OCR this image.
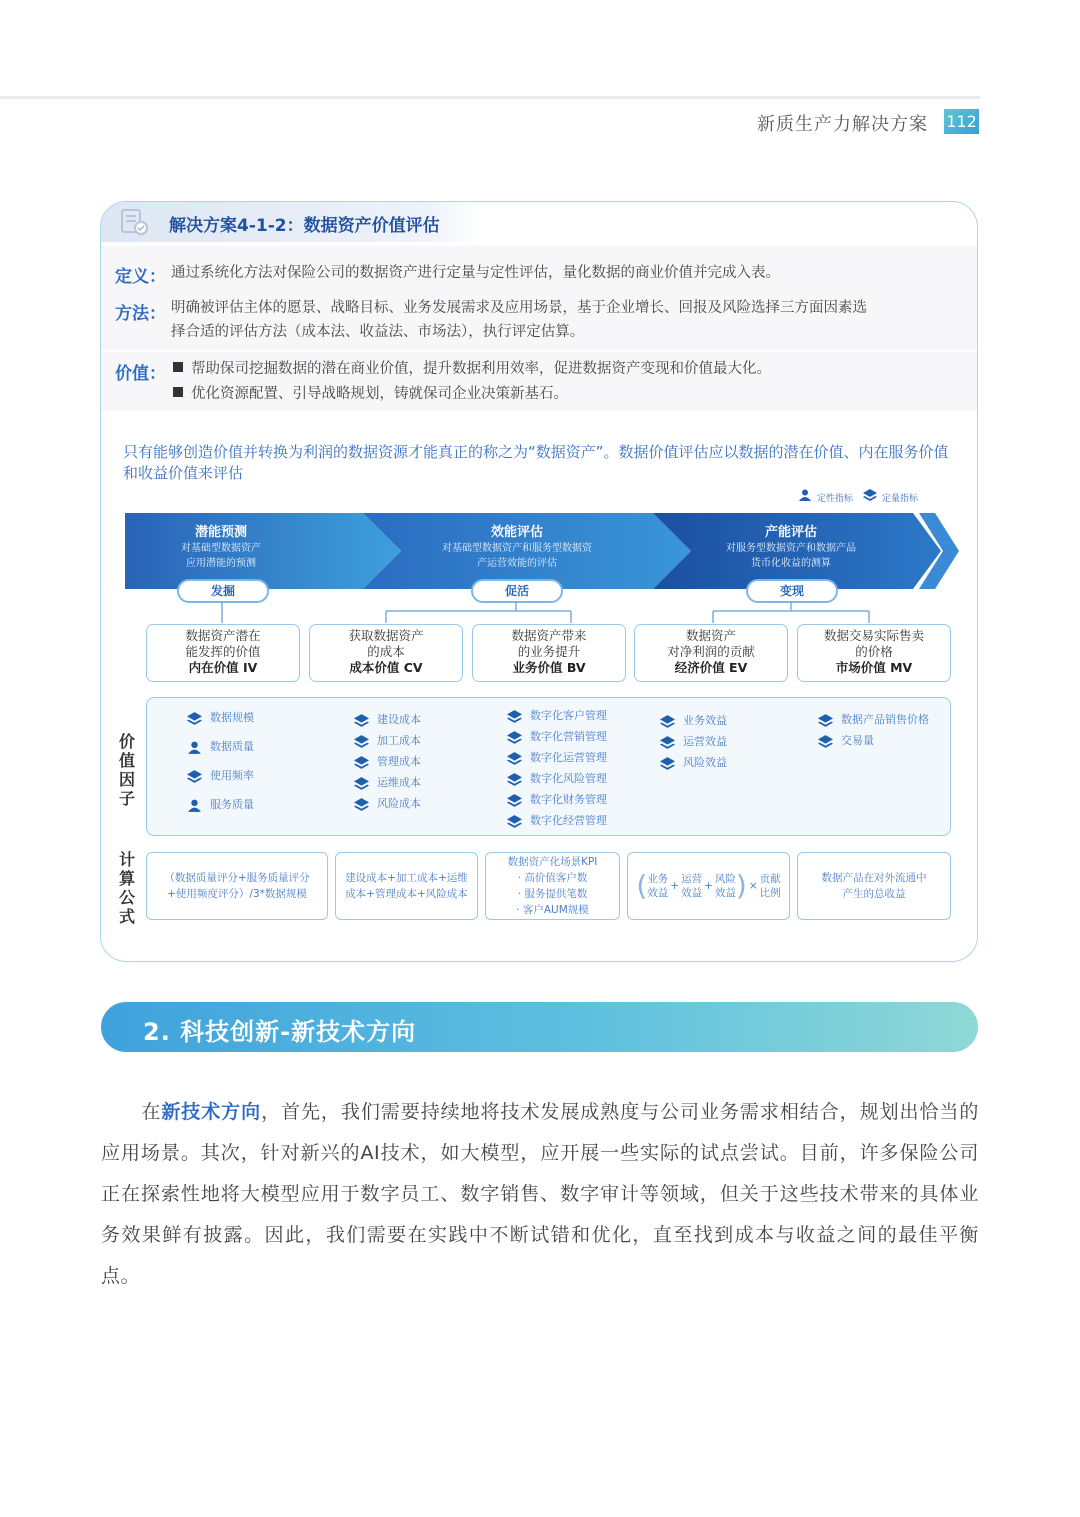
新质生产力解决方案 112
解决方案4-1-2：数据资产价值评估
定义： 通过系统化方法对保险公司的数据资产进行定量与定性评估，量化数据的商业价值并完成入表。
方法： 明确被评估主体的愿景、战略目标、业务发展需求及应用场景，基于企业增长、回报及风险选择三方面因素选
择合适的评估方法（成本法、收益法、市场法），执行评定估算。
价值：	帮助保司挖掘数据的潜在商业价值，提升数据利用效率，促进数据资产变现和价值最大化。
优化资源配置、引导战略规划，铸就保司企业决策新基石。
只有能够创造价值并转换为利润的数据资源才能真正的称之为“数据资产”。数据价值评估应以数据的潜在价值、内在服务价值和收益价值来评估
定性指标	定量指标
潜能预测
对基础型数据资产
应用潜能的预测
效能评估
对基础型数据资产和服务型数据资
产运营效能的评估
产能评估
对服务型数据资产和数据产品
货币化收益的测算
发掘	促活	变现
数据资产潜在
能发挥的价值
内在价值 IV
获取数据资产
的成本
成本价值 CV
数据资产带来
的业务提升
业务价值 BV
数据资产
对净利润的贡献
经济价值 EV
数据交易实际售卖
的价格
市场价值 MV
价值因子
数据规模
数据质量
使用频率
服务质量
建设成本
加工成本
管理成本
运维成本
风险成本
数字化客户管理
数字化营销管理
数字化运营管理
数字化风险管理
数字化财务管理
数字化经营管理
业务效益
运营效益
风险效益
数据产品销售价格
交易量
计算公式
（数据质量评分+服务质量评分
+使用频度评分）/3*数据规模
建设成本+加工成本+运维
成本+管理成本+风险成本
数据资产化场景KPI
· 高价值客户数
· 服务提供笔数
· 客户AUM规模
( 业务
效益
+
运营
效益
+
风险
效益 ) ×
贡献
比例
数据产品在对外流通中
产生的总收益
2. 科技创新-新技术方向
在新技术方向，首先，我们需要持续地将技术发展成熟度与公司业务需求相结合，规划出恰当的应用场景。其次，针对新兴的AI技术，如大模型，应开展一些实际的试点尝试。目前，许多保险公司正在探索性地将大模型应用于数字员工、数字销售、数字审计等领域，但关于这些技术带来的具体业务效果鲜有披露。因此，我们需要在实践中不断试错和优化，直至找到成本与收益之间的最佳平衡点。
